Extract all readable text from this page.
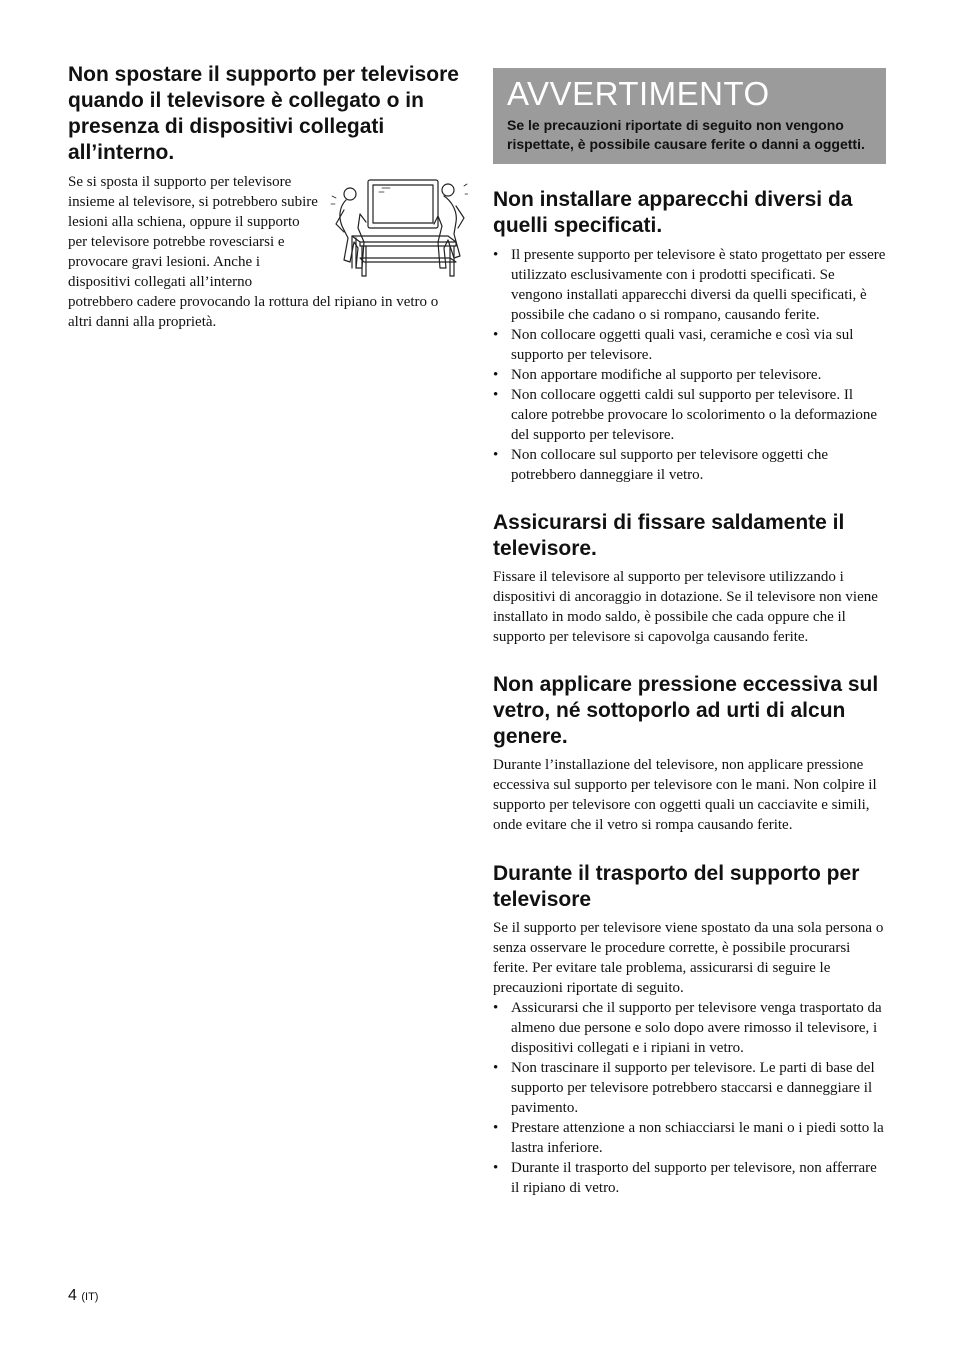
Non spostare il supporto per televisore quando il televisore è collegato o in presenza di dispositivi collegati all’interno.

Se si sposta il supporto per televisore insieme al televisore, si potrebbero subire lesioni alla schiena, oppure il supporto per televisore potrebbe rovesciarsi e provocare gravi lesioni. Anche i dispositivi collegati all’interno potrebbero cadere provocando la rottura del ripiano in vetro o altri danni alla proprietà.

AVVERTIMENTO
Se le precauzioni riportate di seguito non vengono rispettate, è possibile causare ferite o danni a oggetti.
Non installare apparecchi diversi da quelli specificati.
• Il presente supporto per televisore è stato progettato per essere utilizzato esclusivamente con i prodotti specificati. Se vengono installati apparecchi diversi da quelli specificati, è possibile che cadano o si rompano, causando ferite.
• Non collocare oggetti quali vasi, ceramiche e così via sul supporto per televisore.
• Non apportare modifiche al supporto per televisore.
• Non collocare oggetti caldi sul supporto per televisore. Il calore potrebbe provocare lo scolorimento o la deformazione del supporto per televisore.
• Non collocare sul supporto per televisore oggetti che potrebbero danneggiare il vetro.
Assicurarsi di fissare saldamente il televisore.

Fissare il televisore al supporto per televisore utilizzando i dispositivi di ancoraggio in dotazione. Se il televisore non viene installato in modo saldo, è possibile che cada oppure che il supporto per televisore si capovolga causando ferite.

Non applicare pressione eccessiva sul vetro, né sottoporlo ad urti di alcun genere.

Durante l’installazione del televisore, non applicare pressione eccessiva sul supporto per televisore con le mani. Non colpire il supporto per televisore con oggetti quali un cacciavite e simili, onde evitare che il vetro si rompa causando ferite.

Durante il trasporto del supporto per televisore

Se il supporto per televisore viene spostato da una sola persona o senza osservare le procedure corrette, è possibile procurarsi ferite. Per evitare tale problema, assicurarsi di seguire le precauzioni riportate di seguito.

• Assicurarsi che il supporto per televisore venga trasportato da almeno due persone e solo dopo avere rimosso il televisore, i dispositivi collegati e i ripiani in vetro.
• Non trascinare il supporto per televisore. Le parti di base del supporto per televisore potrebbero staccarsi e danneggiare il pavimento.
• Prestare attenzione a non schiacciarsi le mani o i piedi sotto la lastra inferiore.
• Durante il trasporto del supporto per televisore, non afferrare il ripiano di vetro.
4 (IT)
